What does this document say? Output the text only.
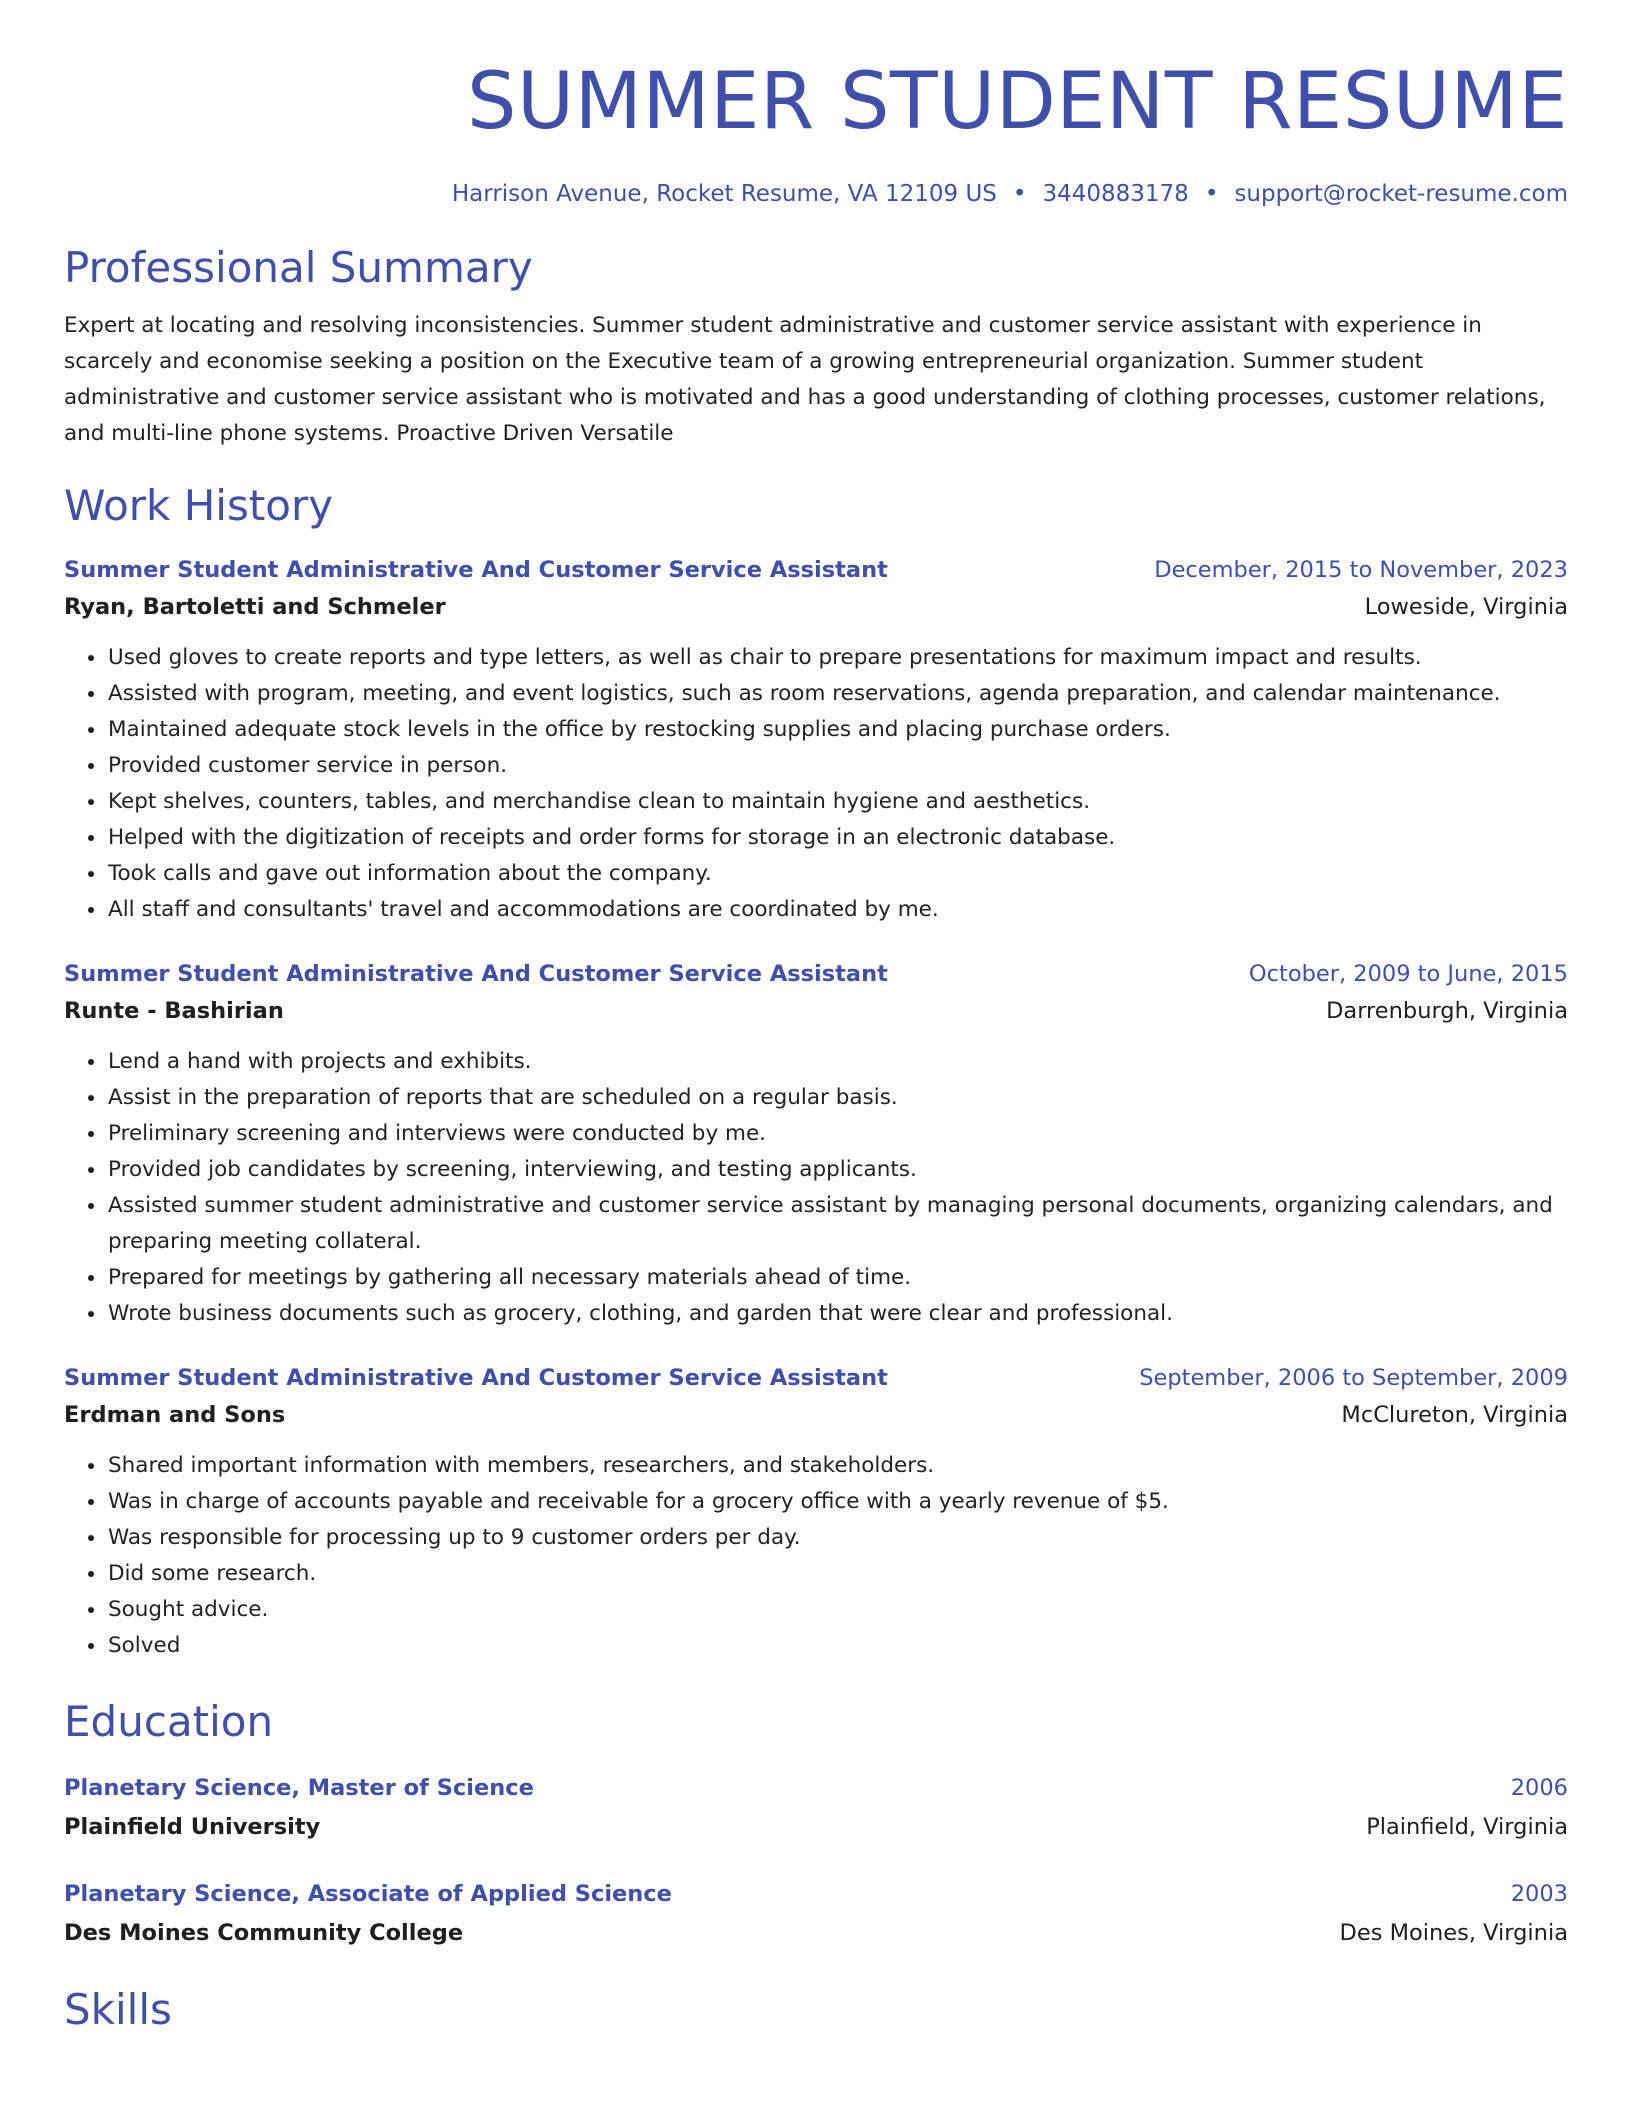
SUMMER STUDENT RESUME
Harrison Avenue, Rocket Resume, VA 12109 US • 3440883178 • support@rocket-resume.com
Professional Summary
Expert at locating and resolving inconsistencies. Summer student administrative and customer service assistant with experience in scarcely and economise seeking a position on the Executive team of a growing entrepreneurial organization. Summer student administrative and customer service assistant who is motivated and has a good understanding of clothing processes, customer relations, and multi-line phone systems. Proactive Driven Versatile
Work History
Summer Student Administrative And Customer Service Assistant	December, 2015 to November, 2023
Ryan, Bartoletti and Schmeler	Loweside, Virginia
• Used gloves to create reports and type letters, as well as chair to prepare presentations for maximum impact and results.
• Assisted with program, meeting, and event logistics, such as room reservations, agenda preparation, and calendar maintenance.
• Maintained adequate stock levels in the office by restocking supplies and placing purchase orders.
• Provided customer service in person.
• Kept shelves, counters, tables, and merchandise clean to maintain hygiene and aesthetics.
• Helped with the digitization of receipts and order forms for storage in an electronic database.
• Took calls and gave out information about the company.
• All staff and consultants' travel and accommodations are coordinated by me.
Summer Student Administrative And Customer Service Assistant	October, 2009 to June, 2015
Runte - Bashirian	Darrenburgh, Virginia
• Lend a hand with projects and exhibits.
• Assist in the preparation of reports that are scheduled on a regular basis.
• Preliminary screening and interviews were conducted by me.
• Provided job candidates by screening, interviewing, and testing applicants.
• Assisted summer student administrative and customer service assistant by managing personal documents, organizing calendars, and preparing meeting collateral.
• Prepared for meetings by gathering all necessary materials ahead of time.
• Wrote business documents such as grocery, clothing, and garden that were clear and professional.
Summer Student Administrative And Customer Service Assistant	September, 2006 to September, 2009
Erdman and Sons	McClureton, Virginia
• Shared important information with members, researchers, and stakeholders.
• Was in charge of accounts payable and receivable for a grocery office with a yearly revenue of $5.
• Was responsible for processing up to 9 customer orders per day.
• Did some research.
• Sought advice.
• Solved
Education
Planetary Science, Master of Science	2006
Plainfield University	Plainfield, Virginia
Planetary Science, Associate of Applied Science	2003
Des Moines Community College	Des Moines, Virginia
Skills
